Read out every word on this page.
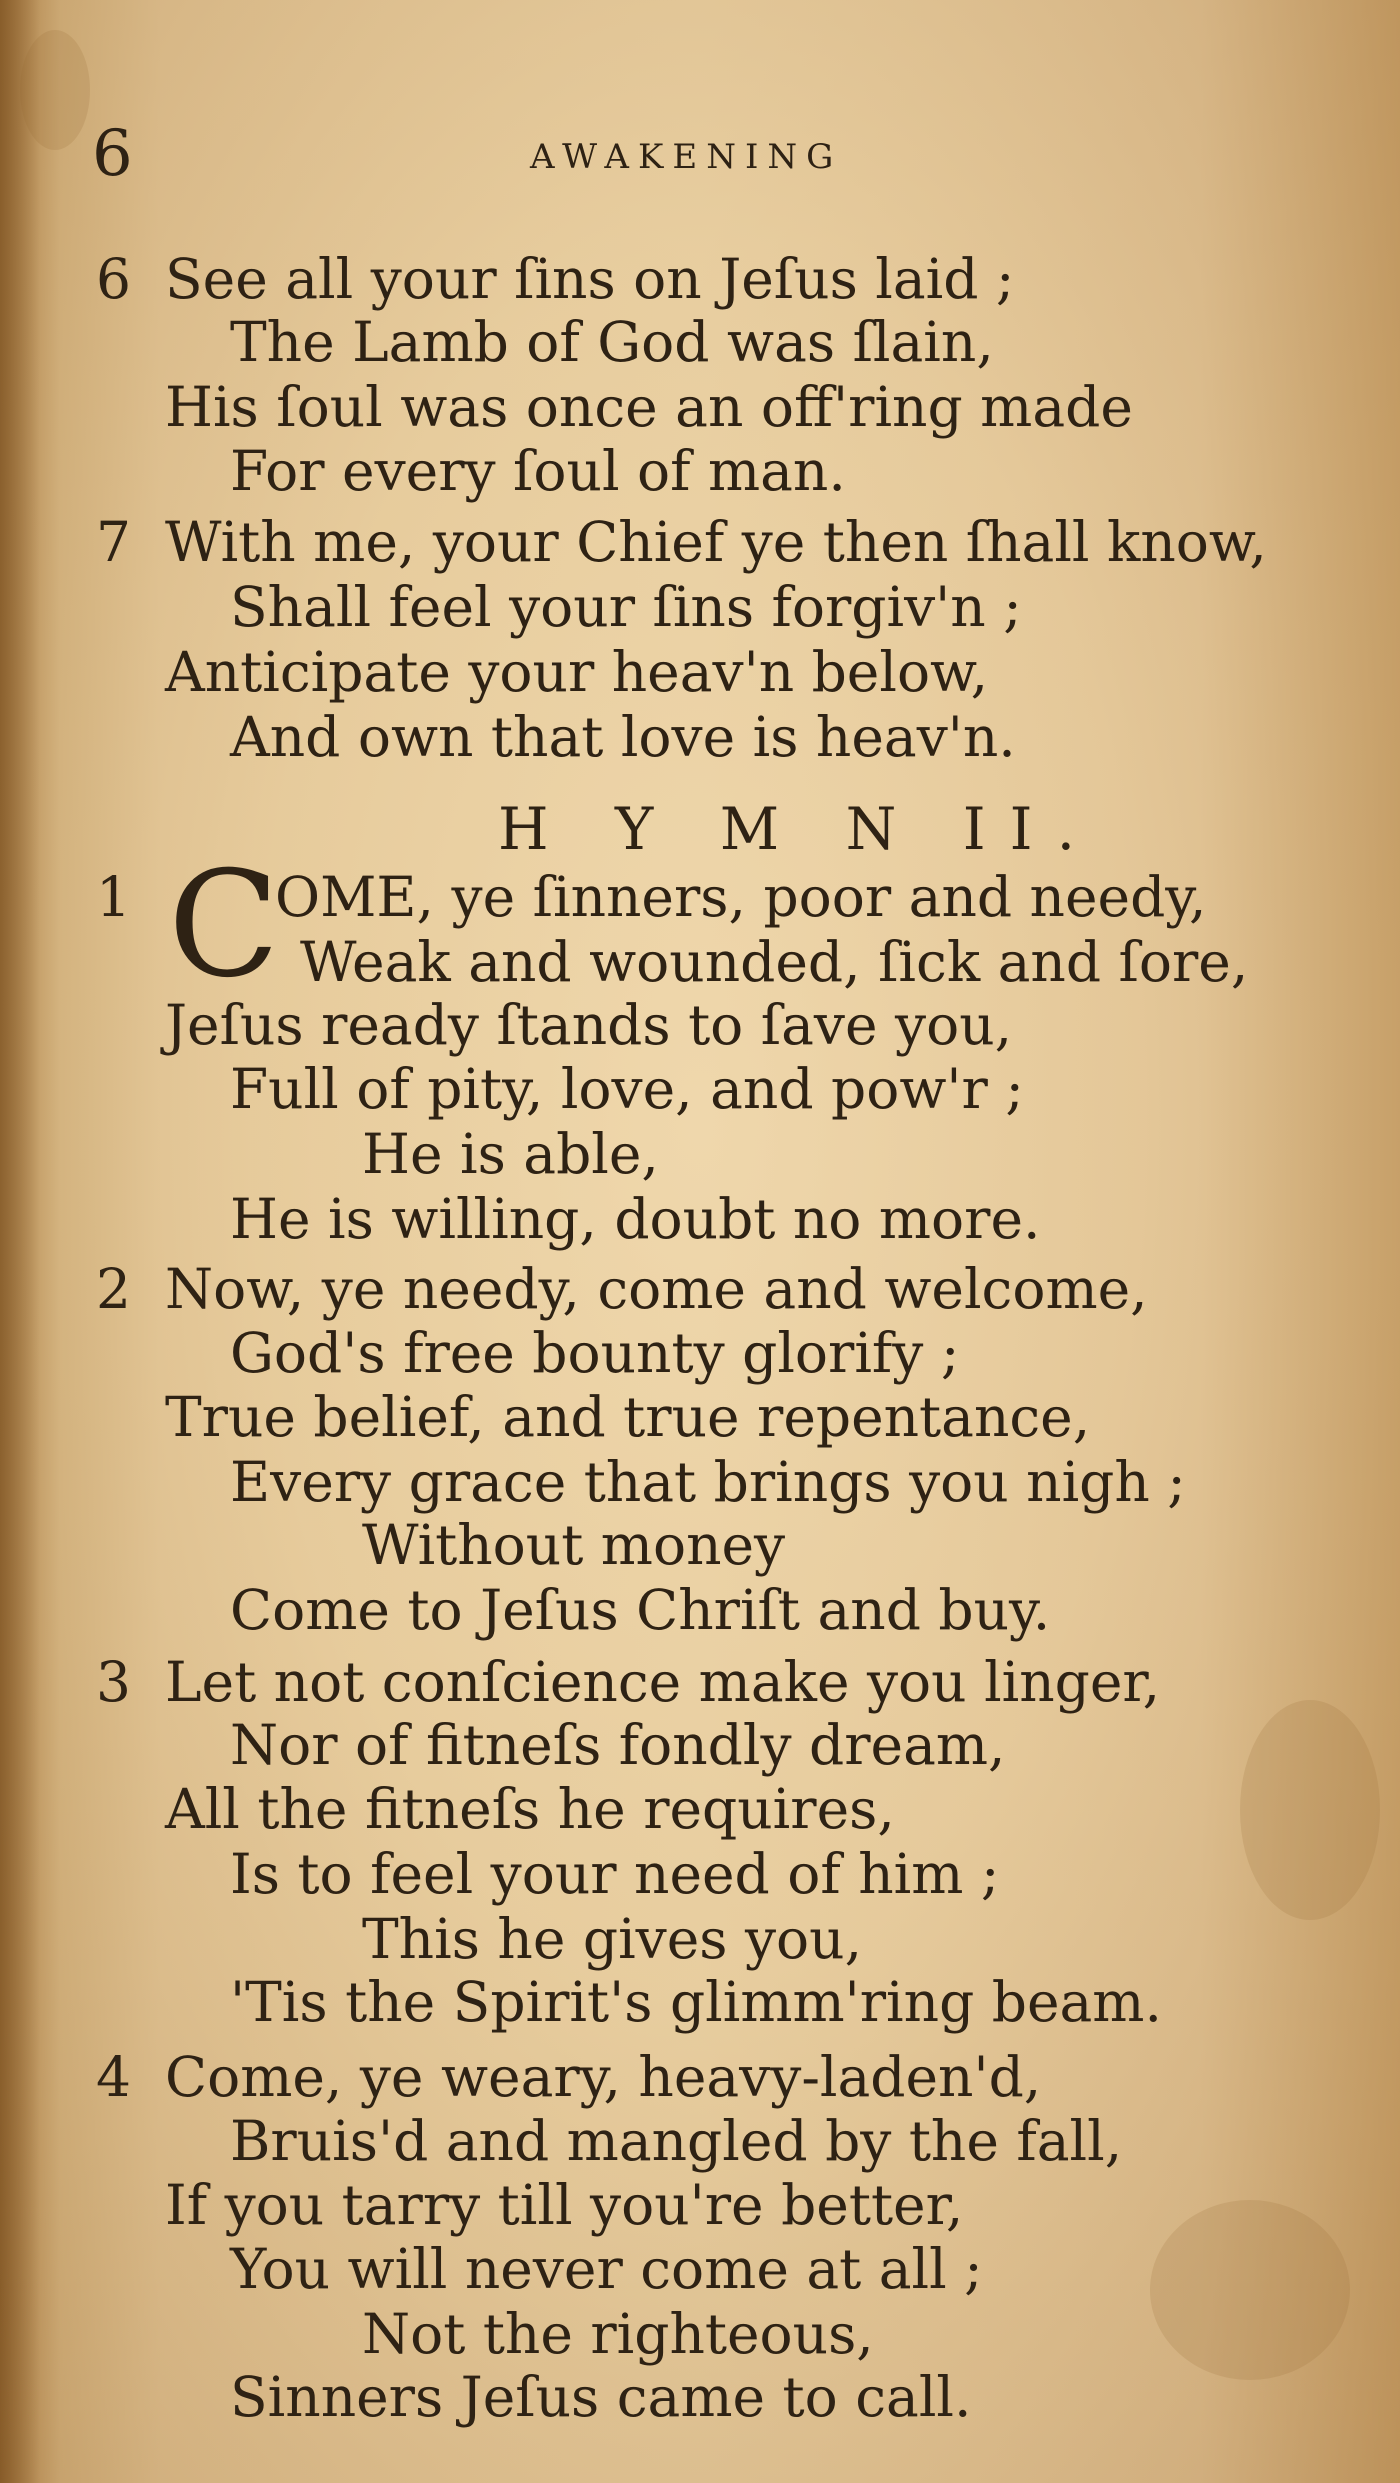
6	AWAKENING
6 See all your ſins on Jeſus laid ;
The Lamb of God was ſlain,
His ſoul was once an off'ring made
For every ſoul of man.
7 With me, your Chief ye then ſhall know,
Shall feel your ſins forgiv'n ;
Anticipate your heav'n below,
And own that love is heav'n.
H Y M N II.
1 C
OME, ye ſinners, poor and needy,
Weak and wounded, ſick and ſore,
Jeſus ready ſtands to ſave you,
Full of pity, love, and pow'r ;
He is able,
He is willing, doubt no more.
2 Now, ye needy, come and welcome,
God's free bounty glorify ;
True belief, and true repentance,
Every grace that brings you nigh ;
Without money
Come to Jeſus Chriſt and buy.
3 Let not conſcience make you linger,
Nor of fitneſs fondly dream,
All the fitneſs he requires,
Is to feel your need of him ;
This he gives you,
'Tis the Spirit's glimm'ring beam.
4 Come, ye weary, heavy-laden'd,
Bruis'd and mangled by the fall,
If you tarry till you're better,
You will never come at all ;
Not the righteous,
Sinners Jeſus came to call.
